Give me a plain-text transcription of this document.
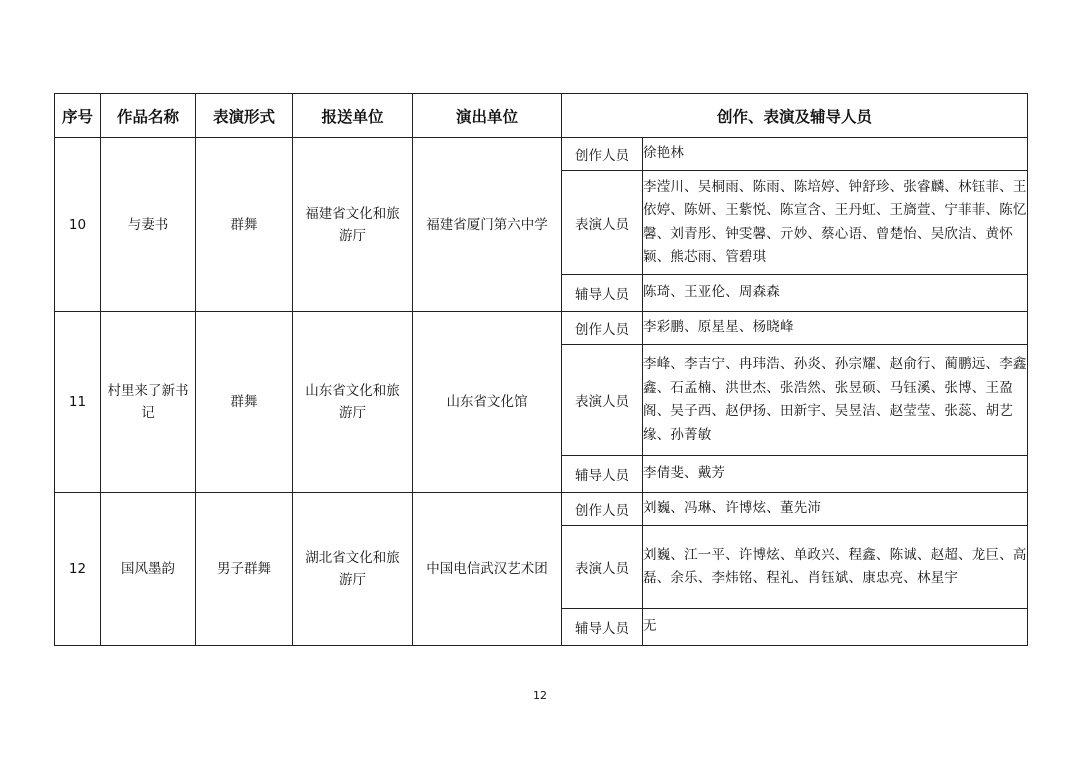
序号	作品名称	表演形式	报送单位	演出单位	创作、表演及辅导人员	
10	与妻书	群舞	福建省文化和旅游厅	福建省厦门第六中学	创作人员	徐艳林
					表演人员	李滢川、吴桐雨、陈雨、陈培婷、钟舒珍、张睿麟、林钰菲、王依婷、陈妍、王紫悦、陈宣含、王丹虹、王旖萱、宁菲菲、陈忆馨、刘青彤、钟雯馨、亓妙、蔡心语、曾楚怡、吴欣洁、黄怀颖、熊芯雨、管碧琪
					辅导人员	陈琦、王亚伦、周森森
11	村里来了新书记	群舞	山东省文化和旅游厅	山东省文化馆	创作人员	李彩鹏、原星星、杨晓峰
					表演人员	李峰、李吉宁、冉玮浩、孙炎、孙宗耀、赵俞行、蔺鹏远、李鑫鑫、石孟楠、洪世杰、张浩然、张昱硕、马钰溪、张博、王盈阁、吴子西、赵伊扬、田新宇、吴昱洁、赵莹莹、张蕊、胡艺缘、孙菁敏
					辅导人员	李倩斐、戴芳
12	国风墨韵	男子群舞	湖北省文化和旅游厅	中国电信武汉艺术团	创作人员	刘巍、冯琳、许博炫、董先沛
					表演人员	刘巍、江一平、许博炫、单政兴、程鑫、陈诚、赵超、龙巨、高磊、余乐、李炜铭、程礼、肖钰斌、康忠亮、林星宇
					辅导人员	无
12
